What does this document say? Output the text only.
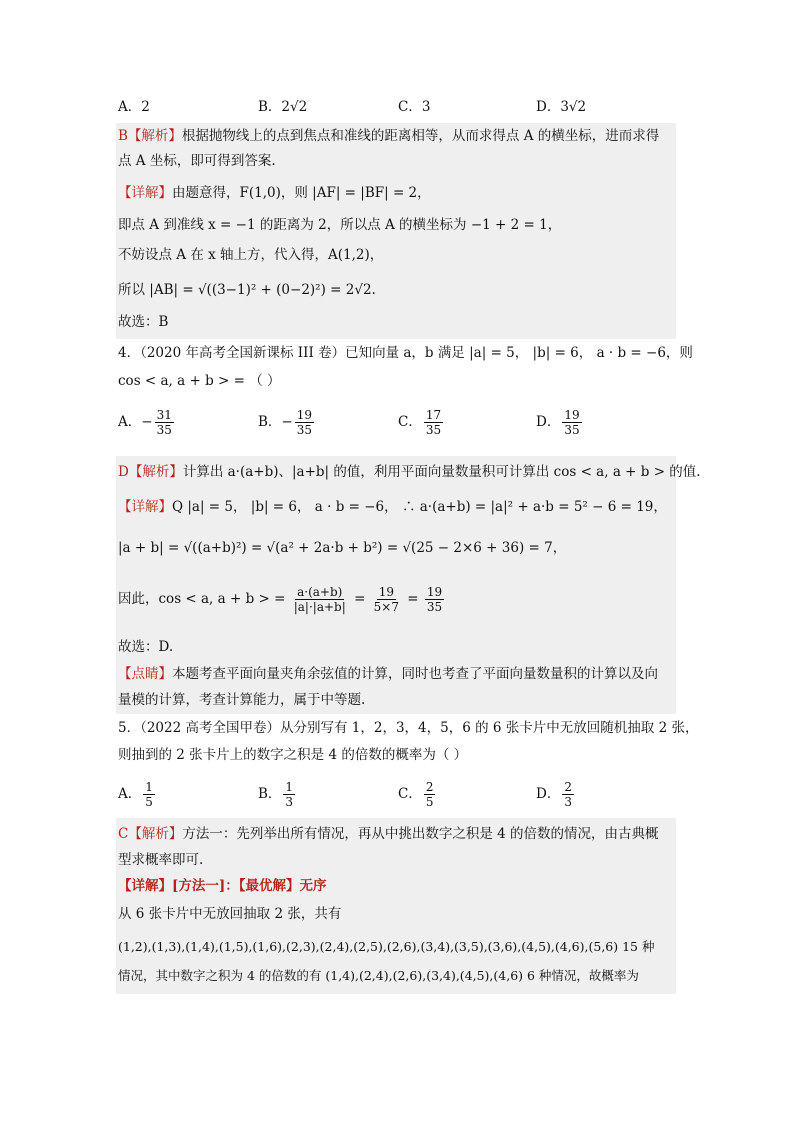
A．2	B．2√2	C．3	D．3√2
B【解析】根据抛物线上的点到焦点和准线的距离相等，从而求得点 A 的横坐标，进而求得
点 A 坐标，即可得到答案.
【详解】由题意得，F(1,0)，则 |AF| = |BF| = 2，
即点 A 到准线 x = −1 的距离为 2，所以点 A 的横坐标为 −1 + 2 = 1，
不妨设点 A 在 x 轴上方，代入得，A(1,2)，
所以 |AB| = √((3−1)² + (0−2)²) = 2√2.
故选：B
4．（2020 年高考全国新课标 III 卷）已知向量 a，b 满足 |a| = 5， |b| = 6， a · b = −6，则
cos < a, a + b > = （ ）
A．− $\frac{31}{35}$	B．− $\frac{19}{35}$	C． $\frac{17}{35}$	D． $\frac{19}{35}$
D【解析】计算出 a·(a+b)、|a+b| 的值，利用平面向量数量积可计算出 cos < a, a + b > 的值.
【详解】Q |a| = 5， |b| = 6， a · b = −6， ∴ a·(a+b) = |a|² + a·b = 5² − 6 = 19，
|a + b| = √((a+b)²) = √(a² + 2a·b + b²) = √(25 − 2×6 + 36) = 7，
因此，cos < a, a + b > = $\frac{a\cdot(a+b)}{|a|\cdot|a+b|} = \frac{19}{5\times 7} = \frac{19}{35}$
故选：D.
【点睛】本题考查平面向量夹角余弦值的计算，同时也考查了平面向量数量积的计算以及向
量模的计算，考查计算能力，属于中等题.
5．（2022 高考全国甲卷）从分别写有 1，2，3，4，5，6 的 6 张卡片中无放回随机抽取 2 张，
则抽到的 2 张卡片上的数字之积是 4 的倍数的概率为（ ）
A． $\frac{1}{5}$	B． $\frac{1}{3}$	C． $\frac{2}{5}$	D． $\frac{2}{3}$
C【解析】方法一：先列举出所有情况，再从中挑出数字之积是 4 的倍数的情况，由古典概
型求概率即可.
【详解】[方法一]：【最优解】无序
从 6 张卡片中无放回抽取 2 张，共有
(1,2),(1,3),(1,4),(1,5),(1,6),(2,3),(2,4),(2,5),(2,6),(3,4),(3,5),(3,6),(4,5),(4,6),(5,6) 15 种
情况，其中数字之积为 4 的倍数的有 (1,4),(2,4),(2,6),(3,4),(4,5),(4,6) 6 种情况，故概率为
